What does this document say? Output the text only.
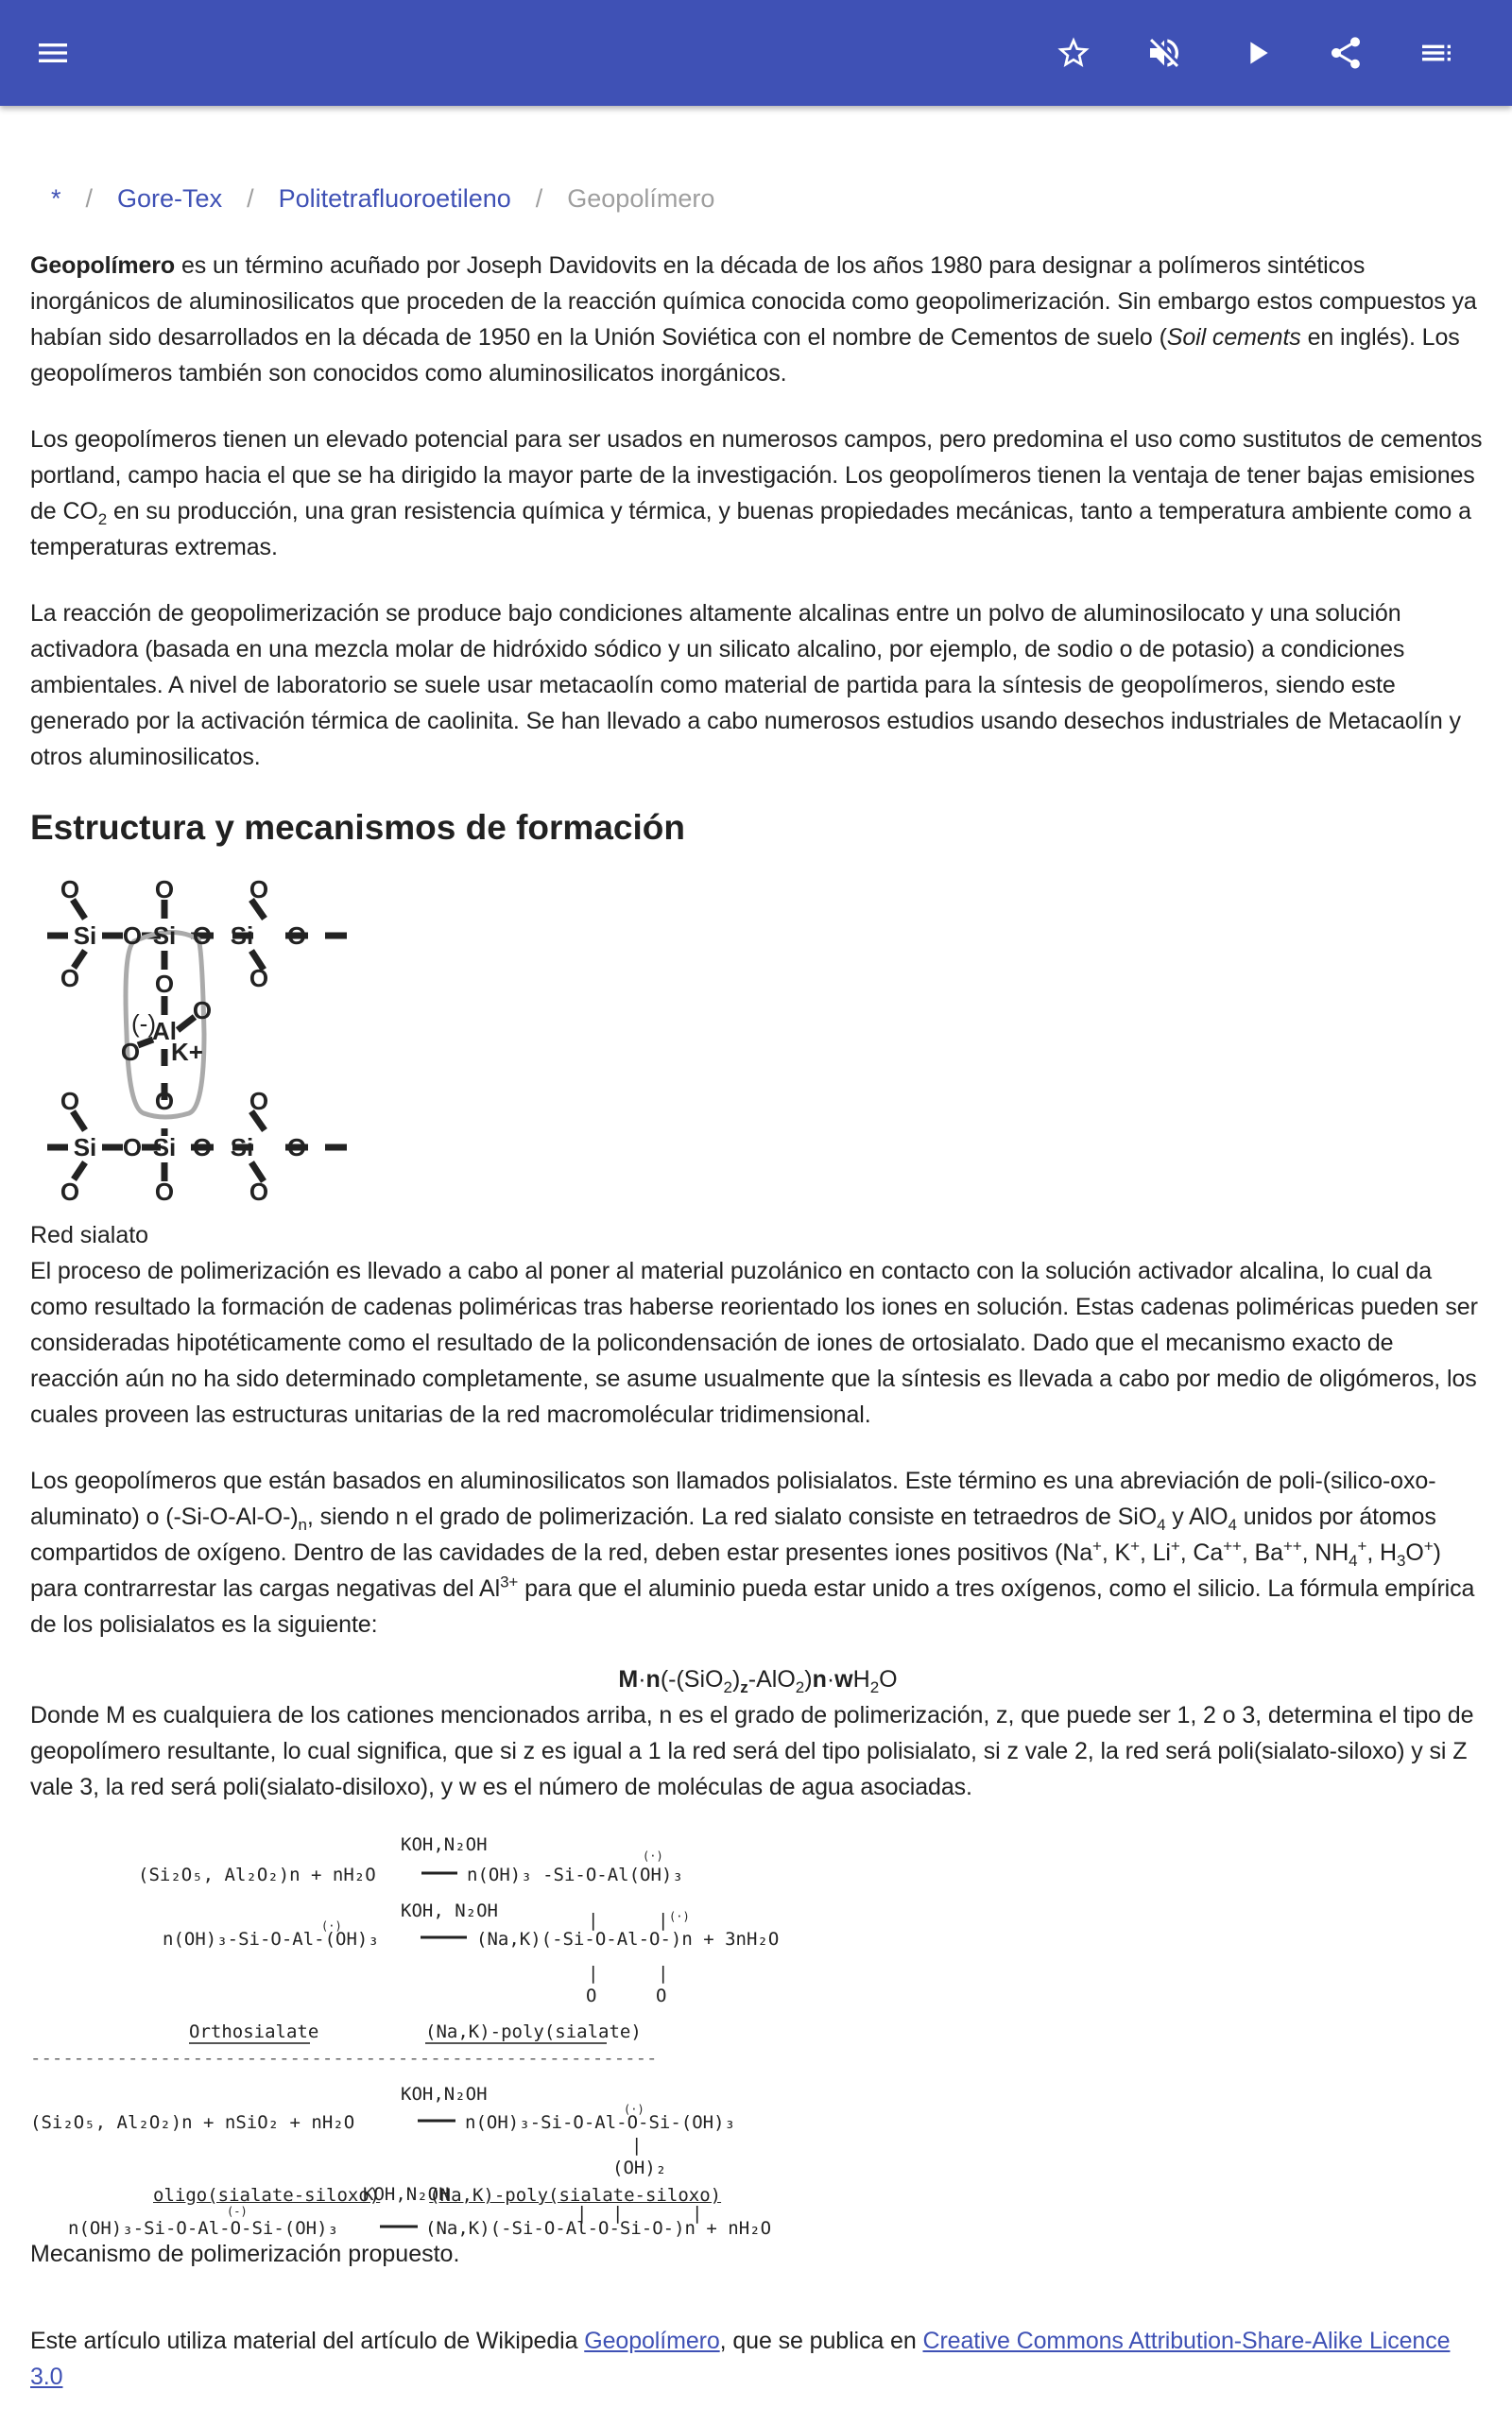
* / Gore-Tex / Politetrafluoroetileno / Geopolímero

Geopolímero es un término acuñado por Joseph Davidovits en la década de los años 1980 para designar a polímeros sintéticos inorgánicos de aluminosilicatos que proceden de la reacción química conocida como geopolimerización. Sin embargo estos compuestos ya habían sido desarrollados en la década de 1950 en la Unión Soviética con el nombre de Cementos de suelo (Soil cements en inglés). Los geopolímeros también son conocidos como aluminosilicatos inorgánicos.

Los geopolímeros tienen un elevado potencial para ser usados en numerosos campos, pero predomina el uso como sustitutos de cementos portland, campo hacia el que se ha dirigido la mayor parte de la investigación. Los geopolímeros tienen la ventaja de tener bajas emisiones de $CO_2$ en su producción, una gran resistencia química y térmica, y buenas propiedades mecánicas, tanto a temperatura ambiente como a temperaturas extremas.

La reacción de geopolimerización se produce bajo condiciones altamente alcalinas entre un polvo de aluminosilocato y una solución activadora (basada en una mezcla molar de hidróxido sódico y un silicato alcalino, por ejemplo, de sodio o de potasio) a condiciones ambientales. A nivel de laboratorio se suele usar metacaolín como material de partida para la síntesis de geopolímeros, siendo este generado por la activación térmica de caolinita. Se han llevado a cabo numerosos estudios usando desechos industriales de Metacaolín y otros aluminosilicatos.

Estructura y mecanismos de formación
O	O	O
Si O Si O Si O
O	O
O
O
(-)
Al
O K+
O	O	O
Si O Si O Si O
O	O	O
Red sialato

El proceso de polimerización es llevado a cabo al poner al material puzolánico en contacto con la solución activador alcalina, lo cual da como resultado la formación de cadenas poliméricas tras haberse reorientado los iones en solución. Estas cadenas poliméricas pueden ser consideradas hipotéticamente como el resultado de la policondensación de iones de ortosialato. Dado que el mecanismo exacto de reacción aún no ha sido determinado completamente, se asume usualmente que la síntesis es llevada a cabo por medio de oligómeros, los cuales proveen las estructuras unitarias de la red macromolécular tridimensional.

Los geopolímeros que están basados en aluminosilicatos son llamados polisialatos. Este término es una abreviación de poli-(silico-oxo-aluminato) o $(-Si-O-Al-O-)_n$, siendo n el grado de polimerización. La red sialato consiste en tetraedros de SiO$_4$ y AlO$_4$ unidos por átomos compartidos de oxígeno. Dentro de las cavidades de la red, deben estar presentes iones positivos (Na+, K+, Li+, Ca++, Ba++, $NH_4^+$, $H_3O^+$) para contrarrestar las cargas negativas del $Al^{3+}$ para que el aluminio pueda estar unido a tres oxígenos, como el silicio. La fórmula empírica de los polisialatos es la siguiente:

$M\cdot n(-(SiO_2)_z-AlO_2)n\cdot wH_2O$

Donde M es cualquiera de los cationes mencionados arriba, n es el grado de polimerización, z, que puede ser 1, 2 o 3, determina el tipo de geopolímero resultante, lo cual significa, que si z es igual a 1 la red será del tipo polisialato, si z vale 2, la red será poli(sialato-siloxo) y si Z vale 3, la red será poli(sialato-disiloxo), y w es el número de moléculas de agua asociadas.

KOH,N₂OH
(·)
(Si₂O₅, Al₂O₂)n + nH₂O	n(OH)₃ -Si-O-Al(OH)₃
KOH, N₂OH
(·)
n(OH)₃-Si-O-Al-(OH)₃	(Na,K)(-Si-O-Al-O-)n + 3nH₂O
|	|
O	O
|	| (·)
Orthosialate	(Na,K)-poly(sialate)
----------------------------------------------------------
KOH,N₂OH
(·)
(Si₂O₅, Al₂O₂)n + nSiO₂ + nH₂O	n(OH)₃-Si-O-Al-O-Si-(OH)₃
|
(OH)₂
KOH,N₂OH
(-)
n(OH)₃-Si-O-Al-O-Si-(OH)₃	(Na,K)(-Si-O-Al-O-Si-O-)n + nH₂O
| |	|
oligo(sialate-siloxo)	(Na,K)-poly(sialate-siloxo)
Mecanismo de polimerización propuesto.

Este artículo utiliza material del artículo de Wikipedia Geopolímero, que se publica en Creative Commons Attribution-Share-Alike Licence 3.0
